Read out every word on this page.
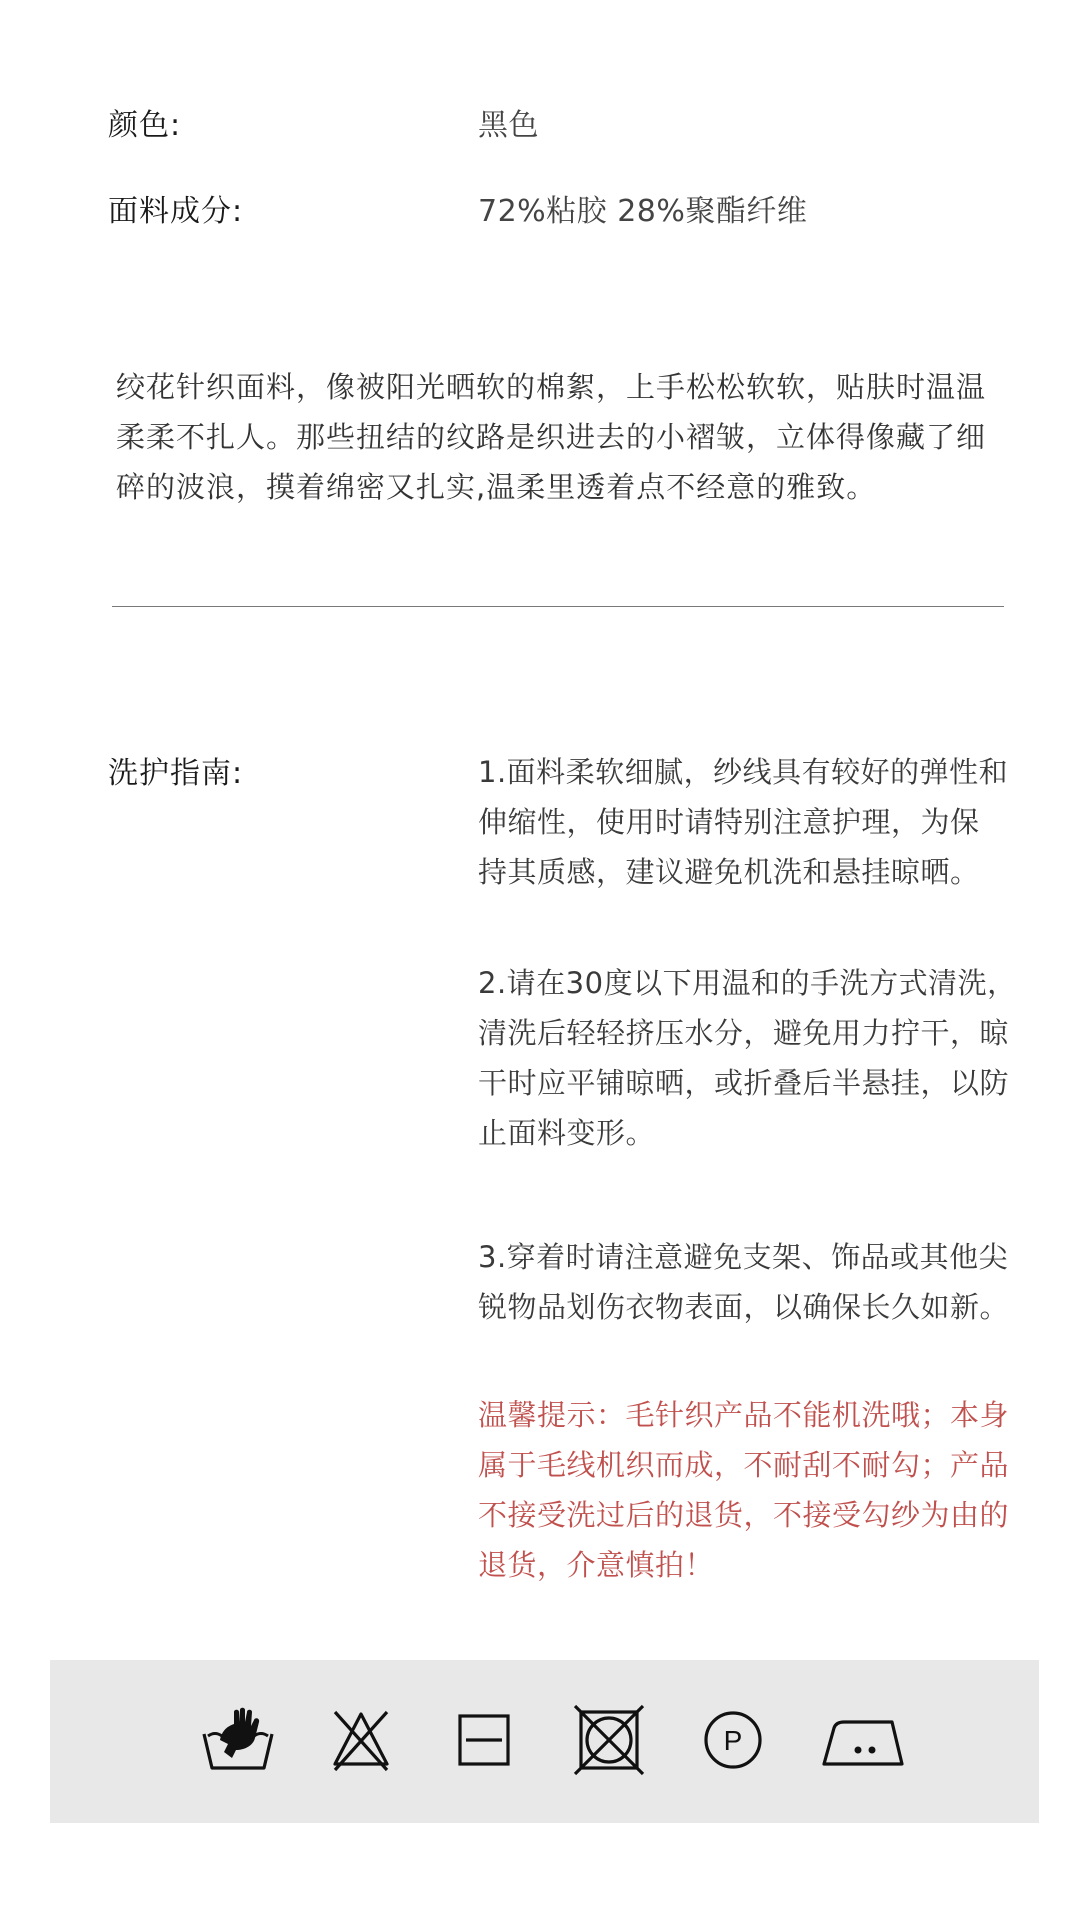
颜色:	黑色
面料成分:	72%粘胶 28%聚酯纤维
绞花针织面料，像被阳光晒软的棉絮，上手松松软软，贴肤时温温
柔柔不扎人。那些扭结的纹路是织进去的小褶皱，立体得像藏了细
碎的波浪，摸着绵密又扎实,温柔里透着点不经意的雅致。
洗护指南:	1.面料柔软细腻，纱线具有较好的弹性和
伸缩性，使用时请特别注意护理，为保
持其质感，建议避免机洗和悬挂晾晒。
2.请在30度以下用温和的手洗方式清洗，
清洗后轻轻挤压水分，避免用力拧干，晾
干时应平铺晾晒，或折叠后半悬挂，以防
止面料变形。
3.穿着时请注意避免支架、饰品或其他尖
锐物品划伤衣物表面，以确保长久如新。
温馨提示：毛针织产品不能机洗哦；本身
属于毛线机织而成，不耐刮不耐勾；产品
不接受洗过后的退货，不接受勾纱为由的
退货，介意慎拍！
P
